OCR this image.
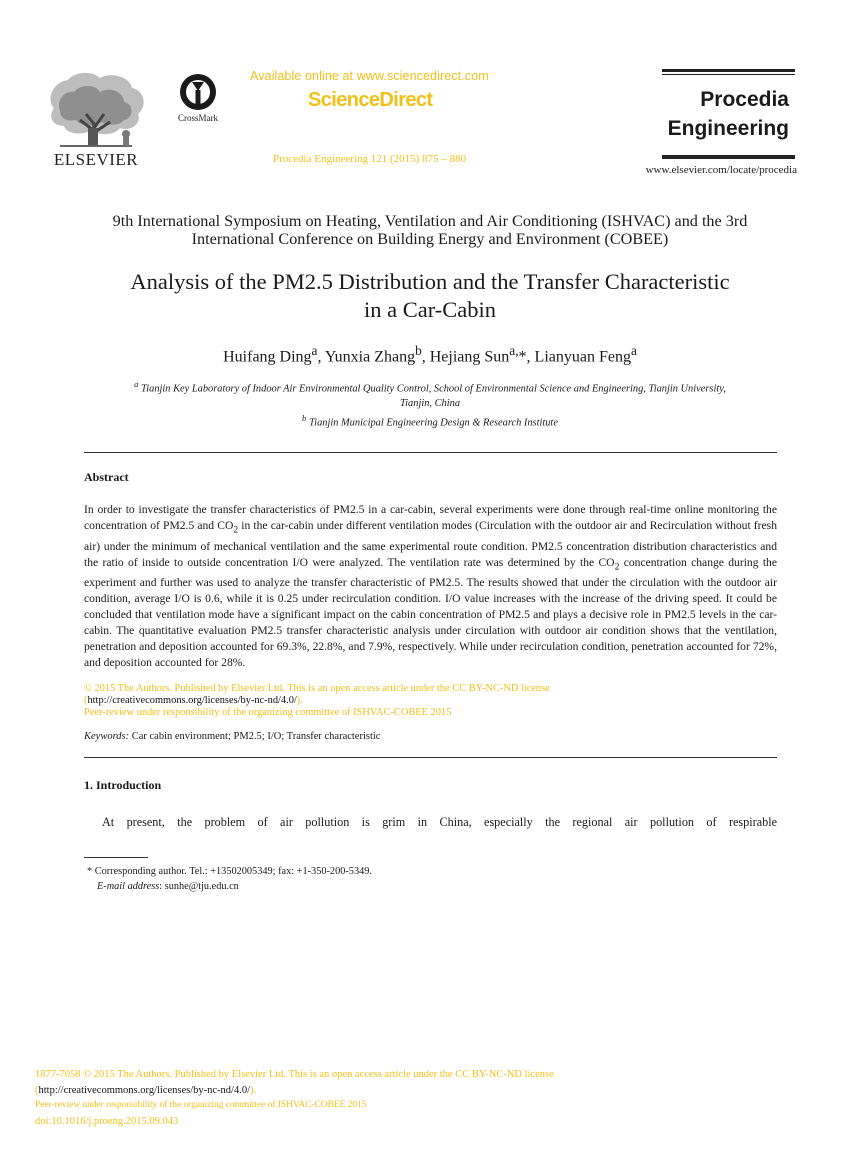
ELSEVIER
CrossMark
Available online at www.sciencedirect.com
ScienceDirect
Procedia Engineering 121 (2015) 875 – 880
Procedia
Engineering
www.elsevier.com/locate/procedia
9th International Symposium on Heating, Ventilation and Air Conditioning (ISHVAC) and the 3rd
International Conference on Building Energy and Environment (COBEE)
Analysis of the PM2.5 Distribution and the Transfer Characteristic
in a Car-Cabin
Huifang Ding$^a$, Yunxia Zhang$^b$, Hejiang Sun$^{a,}$*, Lianyuan Feng$^a$
$^a$ Tianjin Key Laboratory of Indoor Air Environmental Quality Control, School of Environmental Science and Engineering, Tianjin University,
Tianjin, China
$^b$ Tianjin Municipal Engineering Design & Research Institute
Abstract
In order to investigate the transfer characteristics of PM2.5 in a car-cabin, several experiments were done through real-time online monitoring the concentration of PM2.5 and $CO_2$ in the car-cabin under different ventilation modes (Circulation with the outdoor air and Recirculation without fresh air) under the minimum of mechanical ventilation and the same experimental route condition. PM2.5 concentration distribution characteristics and the ratio of inside to outside concentration I/O were analyzed. The ventilation rate was determined by the $CO_2$ concentration change during the experiment and further was used to analyze the transfer characteristic of PM2.5. The results showed that under the circulation with the outdoor air condition, average I/O is 0.6, while it is 0.25 under recirculation condition. I/O value increases with the increase of the driving speed. It could be concluded that ventilation mode have a significant impact on the cabin concentration of PM2.5 and plays a decisive role in PM2.5 levels in the car-cabin. The quantitative evaluation PM2.5 transfer characteristic analysis under circulation with outdoor air condition shows that the ventilation, penetration and deposition accounted for 69.3%, 22.8%, and 7.9%, respectively. While under recirculation condition, penetration accounted for 72%, and deposition accounted for 28%.
© 2015 The Authors. Published by Elsevier Ltd. This is an open access article under the CC BY-NC-ND license
(http://creativecommons.org/licenses/by-nc-nd/4.0/).
Peer-review under responsibility of the organizing committee of ISHVAC-COBEE 2015
Keywords: Car cabin environment; PM2.5; I/O; Transfer characteristic
1. Introduction
At present, the problem of air pollution is grim in China, especially the regional air pollution of respirable
* Corresponding author. Tel.: +13502005349; fax: +1-350-200-5349.
E-mail address: sunhe@tju.edu.cn
1877-7058 © 2015 The Authors. Published by Elsevier Ltd. This is an open access article under the CC BY-NC-ND license
(http://creativecommons.org/licenses/by-nc-nd/4.0/).
Peer-review under responsibility of the organizing committee of ISHVAC-COBEE 2015
doi:10.1016/j.proeng.2015.09.043
